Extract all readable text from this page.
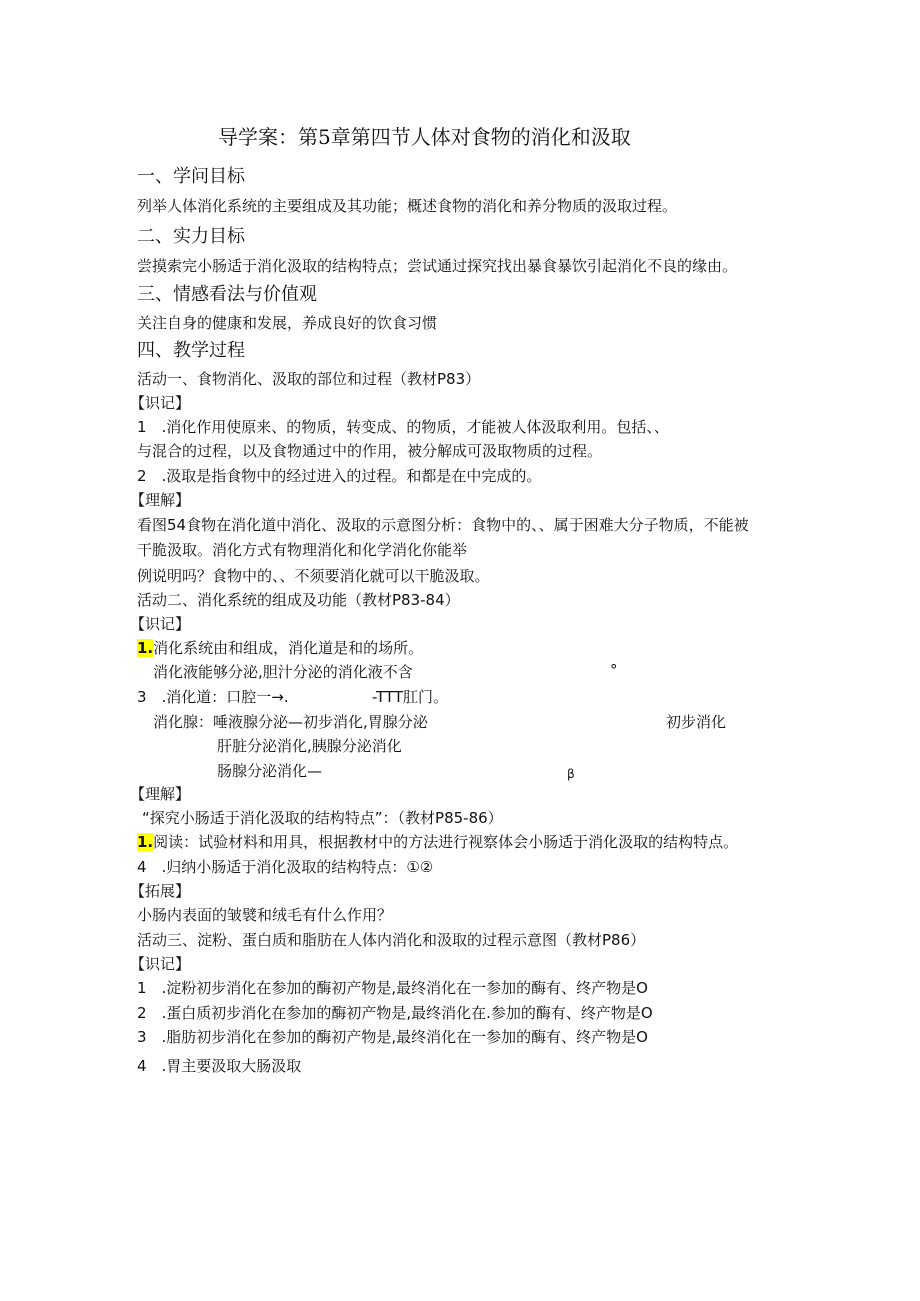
导学案：第5章第四节人体对食物的消化和汲取
一、学问目标
列举人体消化系统的主要组成及其功能；概述食物的消化和养分物质的汲取过程。
二、实力目标
尝摸索完小肠适于消化汲取的结构特点；尝试通过探究找出暴食暴饮引起消化不良的缘由。
三、情感看法与价值观
关注自身的健康和发展，养成良好的饮食习惯
四、教学过程
活动一、食物消化、汲取的部位和过程（教材P83）
【识记】
1　.消化作用使原来、的物质，转变成、的物质，才能被人体汲取利用。包括、、
与混合的过程，以及食物通过中的作用，被分解成可汲取物质的过程。
2　.汲取是指食物中的经过进入的过程。和都是在中完成的。
【理解】
看图54食物在消化道中消化、汲取的示意图分析：食物中的、、属于困难大分子物质，不能被
干脆汲取。消化方式有物理消化和化学消化你能举
例说明吗？食物中的、、不须要消化就可以干脆汲取。
活动二、消化系统的组成及功能（教材P83-84）
【识记】
1.消化系统由和组成，消化道是和的场所。
消化液能够分泌,胆汁分泌的消化液不含	°
3　.消化道：口腔一→.	-TTT肛门。
消化腺：唾液腺分泌—初步消化,胃腺分泌	初步消化
肝脏分泌消化,胰腺分泌消化
肠腺分泌消化—	β
【理解】
“探究小肠适于消化汲取的结构特点”：（教材P85-86）
1.阅读：试验材料和用具，根据教材中的方法进行视察体会小肠适于消化汲取的结构特点。
4　.归纳小肠适于消化汲取的结构特点：①②
【拓展】
小肠内表面的皱襞和绒毛有什么作用？
活动三、淀粉、蛋白质和脂肪在人体内消化和汲取的过程示意图（教材P86）
【识记】
1　.淀粉初步消化在参加的酶初产物是,最终消化在一参加的酶有、终产物是O
2　.蛋白质初步消化在参加的酶初产物是,最终消化在.参加的酶有、终产物是O
3　.脂肪初步消化在参加的酶初产物是,最终消化在一参加的酶有、终产物是O
4　.胃主要汲取大肠汲取
